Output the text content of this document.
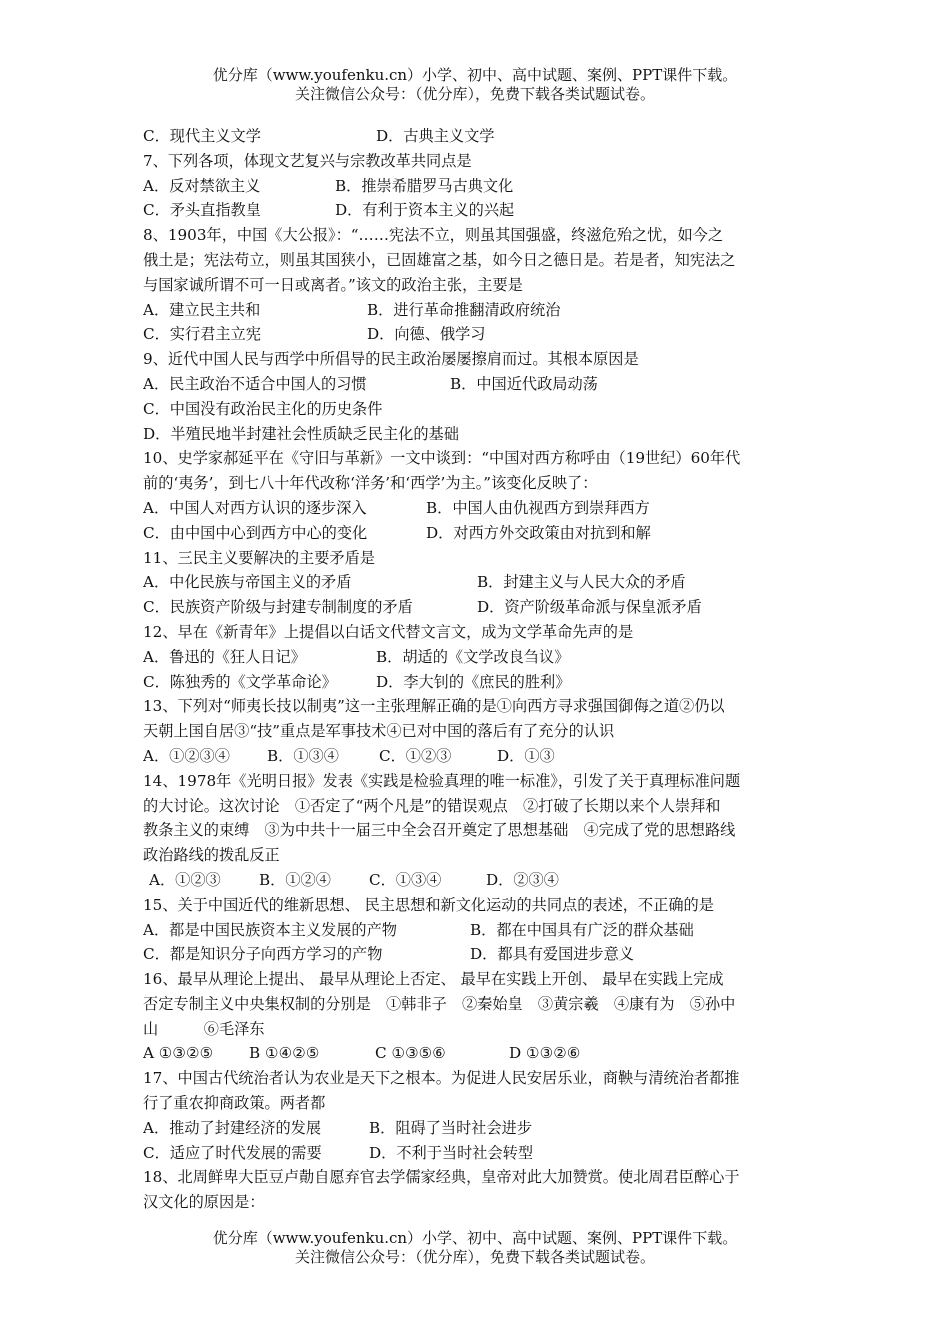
优分库（www.youfenku.cn）小学、初中、高中试题、案例、PPT课件下载。
关注微信公众号：（优分库），免费下载各类试题试卷。
C．现代主义文学	D．古典主义文学
7、下列各项，体现文艺复兴与宗教改革共同点是
A．反对禁欲主义	B．推崇希腊罗马古典文化
C．矛头直指教皇	D．有利于资本主义的兴起
8、1903年，中国《大公报》：“……宪法不立，则虽其国强盛，终滋危殆之忧，如今之
俄土是；宪法苟立，则虽其国狭小，已固雄富之基，如今日之德日是。若是者，知宪法之
与国家诚所谓不可一日或离者。”该文的政治主张，主要是
A．建立民主共和	B．进行革命推翻清政府统治
C．实行君主立宪	D．向德、俄学习
9、近代中国人民与西学中所倡导的民主政治屡屡擦肩而过。其根本原因是
A．民主政治不适合中国人的习惯	B．中国近代政局动荡
C．中国没有政治民主化的历史条件
D．半殖民地半封建社会性质缺乏民主化的基础
10、史学家郝延平在《守旧与革新》一文中谈到：“中国对西方称呼由（19世纪）60年代
前的‘夷务’，到七八十年代改称‘洋务’和‘西学’为主。”该变化反映了：
A．中国人对西方认识的逐步深入	B．中国人由仇视西方到崇拜西方
C．由中国中心到西方中心的变化	D．对西方外交政策由对抗到和解
11、三民主义要解决的主要矛盾是
A．中化民族与帝国主义的矛盾	B．封建主义与人民大众的矛盾
C．民族资产阶级与封建专制制度的矛盾	D．资产阶级革命派与保皇派矛盾
12、早在《新青年》上提倡以白话文代替文言文，成为文学革命先声的是
A．鲁迅的《狂人日记》	B．胡适的《文学改良刍议》
C．陈独秀的《文学革命论》	D．李大钊的《庶民的胜利》
13、下列对“师夷长技以制夷”这一主张理解正确的是①向西方寻求强国御侮之道②仍以
天朝上国自居③“技”重点是军事技术④已对中国的落后有了充分的认识
A．①②③④	B．①③④	C．①②③	D．①③
14、1978年《光明日报》发表《实践是检验真理的唯一标准》，引发了关于真理标准问题
的大讨论。这次讨论　①否定了“两个凡是”的错误观点　②打破了长期以来个人崇拜和
教条主义的束缚　③为中共十一届三中全会召开奠定了思想基础　④完成了党的思想路线
政治路线的拨乱反正
A．①②③	B．①②④	C．①③④	D．②③④
15、关于中国近代的维新思想、 民主思想和新文化运动的共同点的表述，不正确的是
A．都是中国民族资本主义发展的产物	B．都在中国具有广泛的群众基础
C．都是知识分子向西方学习的产物	D．都具有爱国进步意义
16、最早从理论上提出、 最早从理论上否定、 最早在实践上开创、 最早在实践上完成
否定专制主义中央集权制的分别是　①韩非子　②秦始皇　③黄宗羲　④康有为　⑤孙中
山　　　⑥毛泽东
A ①③②⑤	B ①④②⑤	C ①③⑤⑥	D ①③②⑥
17、中国古代统治者认为农业是天下之根本。为促进人民安居乐业，商鞅与清统治者都推
行了重农抑商政策。两者都
A．推动了封建经济的发展	B．阻碍了当时社会进步
C．适应了时代发展的需要	D．不利于当时社会转型
18、北周鲜卑大臣豆卢勣自愿弃官去学儒家经典，皇帝对此大加赞赏。使北周君臣醉心于
汉文化的原因是：
优分库（www.youfenku.cn）小学、初中、高中试题、案例、PPT课件下载。
关注微信公众号：（优分库），免费下载各类试题试卷。
